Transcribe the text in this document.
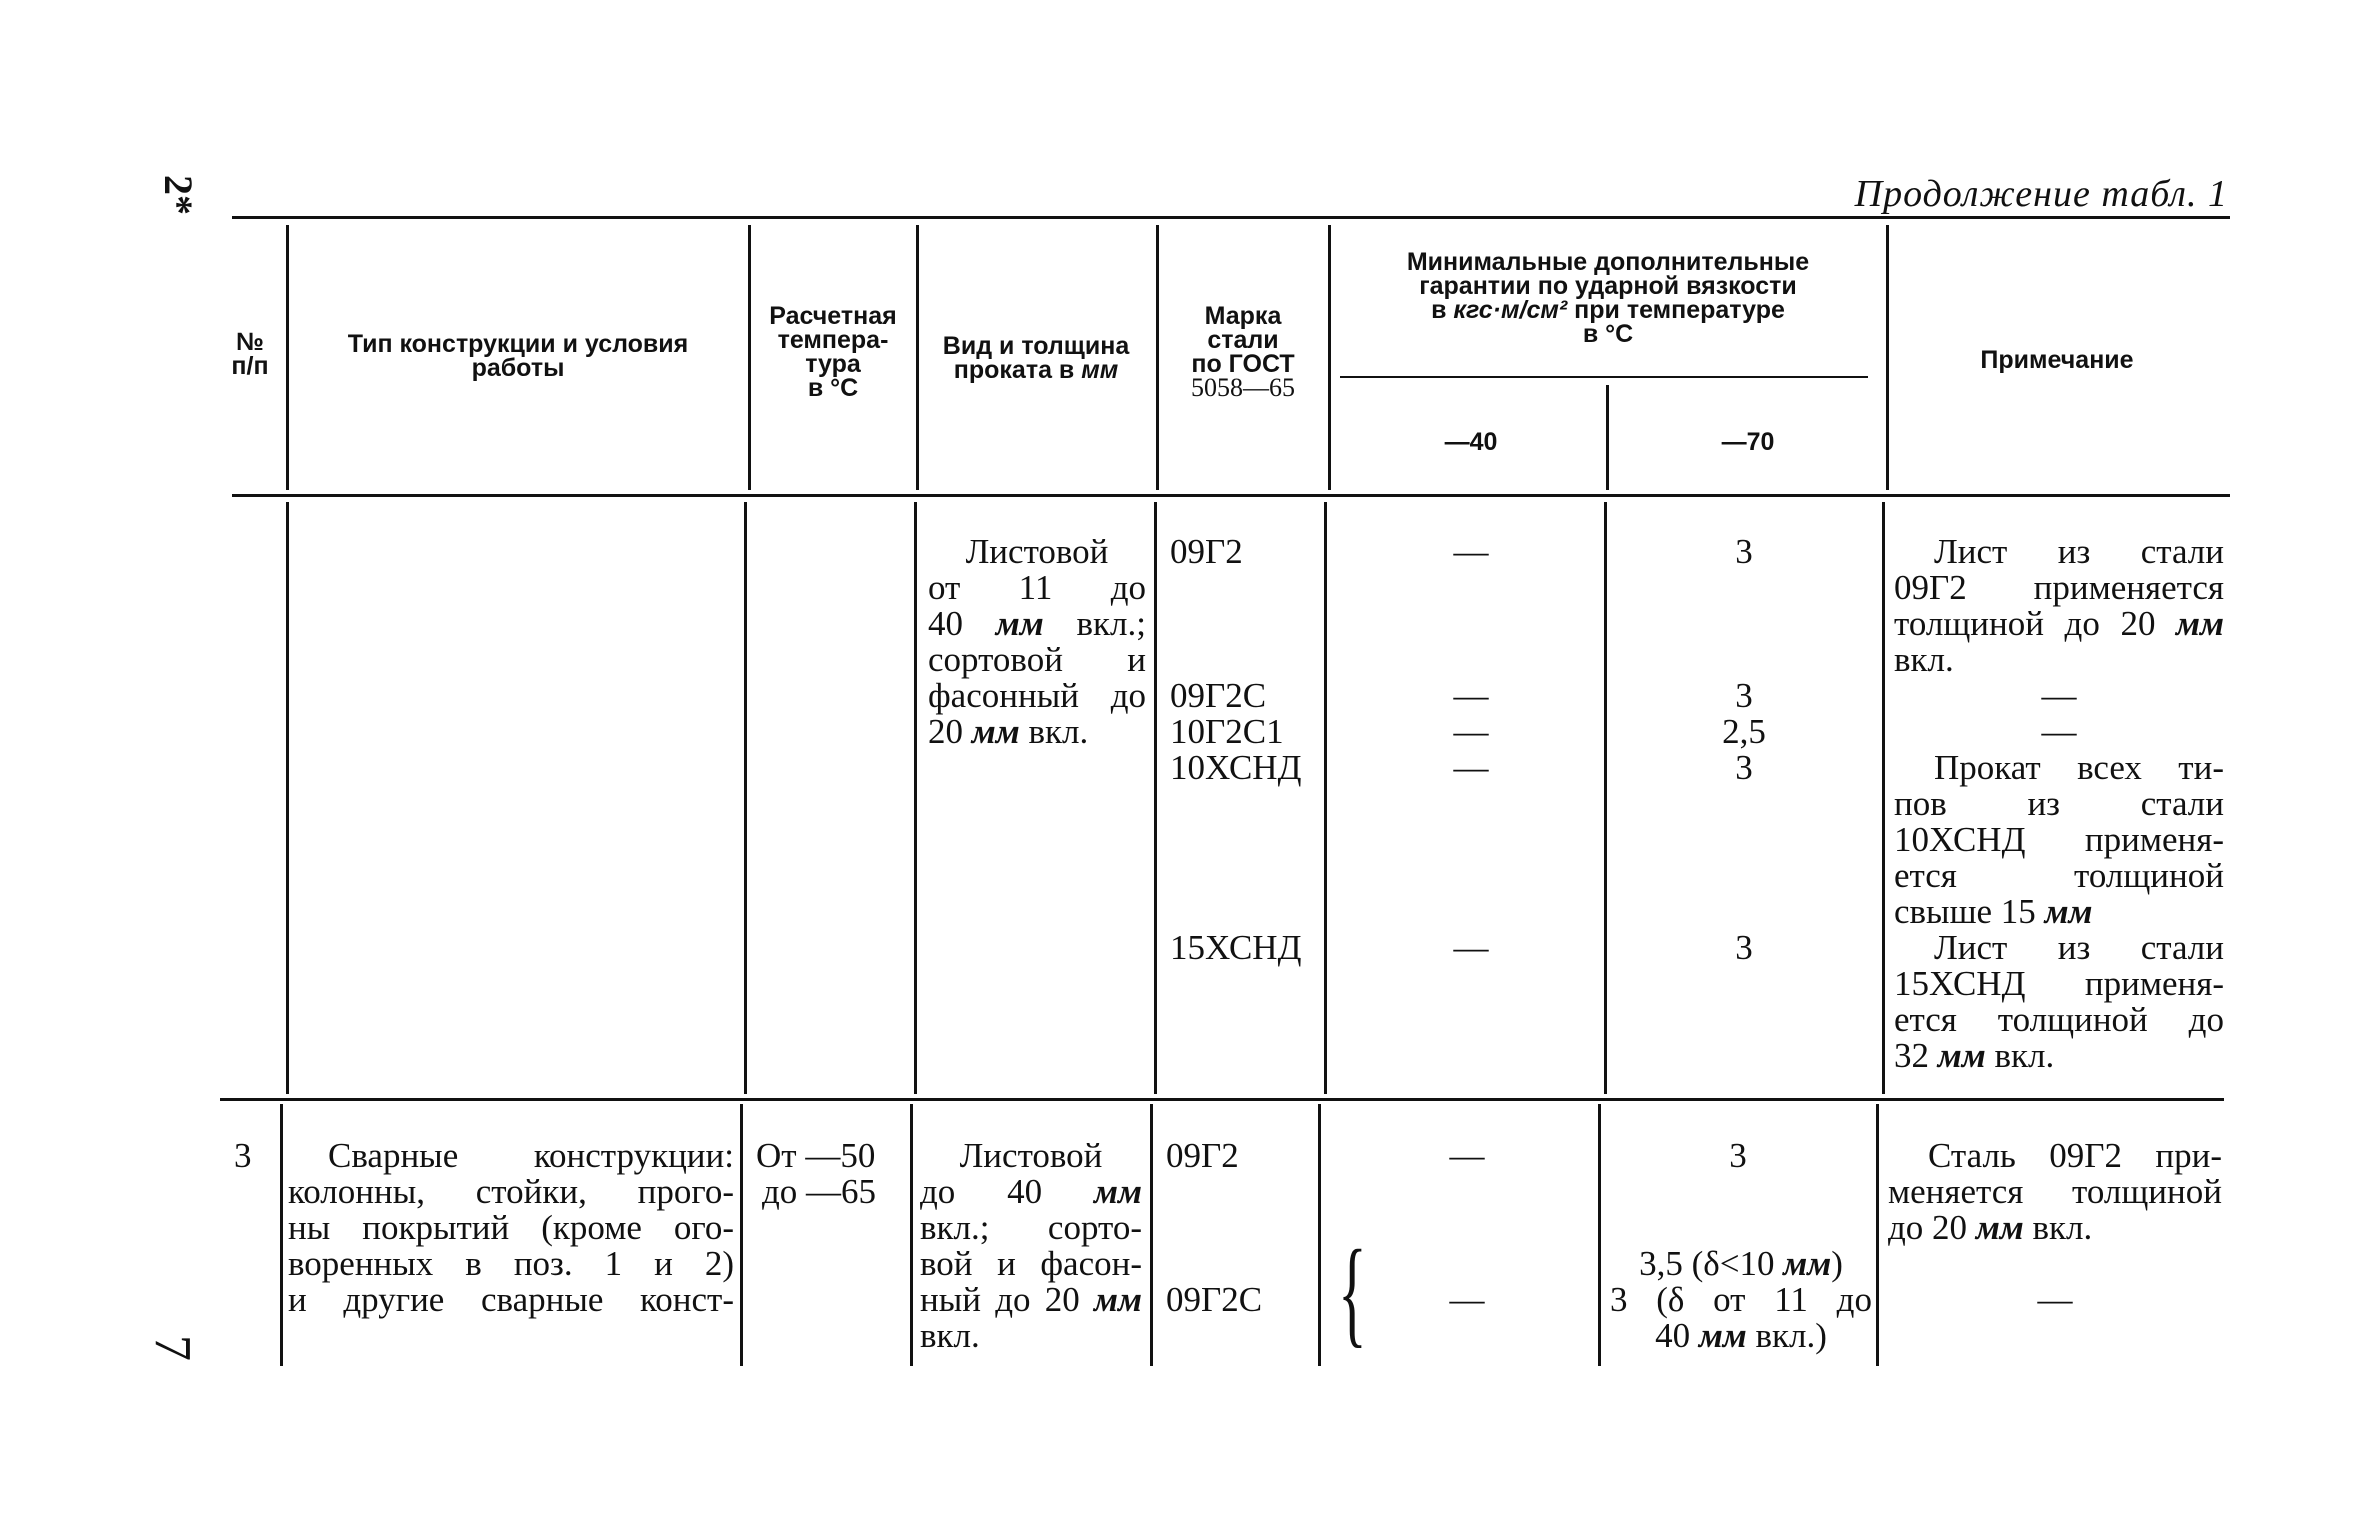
2*
7
Продолжение табл. 1
№
п/п
Тип конструкции и условия
работы
Расчетная
темпера-
тура
в °С
Вид и толщина
проката в мм
Марка
стали
по ГОСТ
5058—65
Минимальные дополнительные
гарантии по ударной вязкости
в кгс·м/см² при температуре
в °С
—40	—70
Примечание
Листовой
от 11 до
40 мм вкл.;
сортовой и
фасонный до
20 мм вкл.
09Г2
09Г2С
10Г2С1
10ХСНД
15ХСНД
—
—
—
—
—
3
3
2,5
3
3
Лист из стали
09Г2 применяется
толщиной до 20 мм
вкл.
—
—
Прокат всех ти-
пов из стали
10ХСНД применя-
ется толщиной
свыше 15 мм
Лист из стали
15ХСНД применя-
ется толщиной до
32 мм вкл.
3	Сварные конструкции:
колонны, стойки, прого-
ны покрытий (кроме ого-
воренных в поз. 1 и 2)
и другие сварные конст-
От —50
до —65
Листовой
до 40 мм
вкл.; сорто-
вой и фасон-
ный до 20 мм
вкл.
09Г2
09Г2С {
—
—
3
3,5 (δ<10 мм)
3 (δ от 11 до
40 мм вкл.)
Сталь 09Г2 при-
меняется толщиной
до 20 мм вкл.
—
